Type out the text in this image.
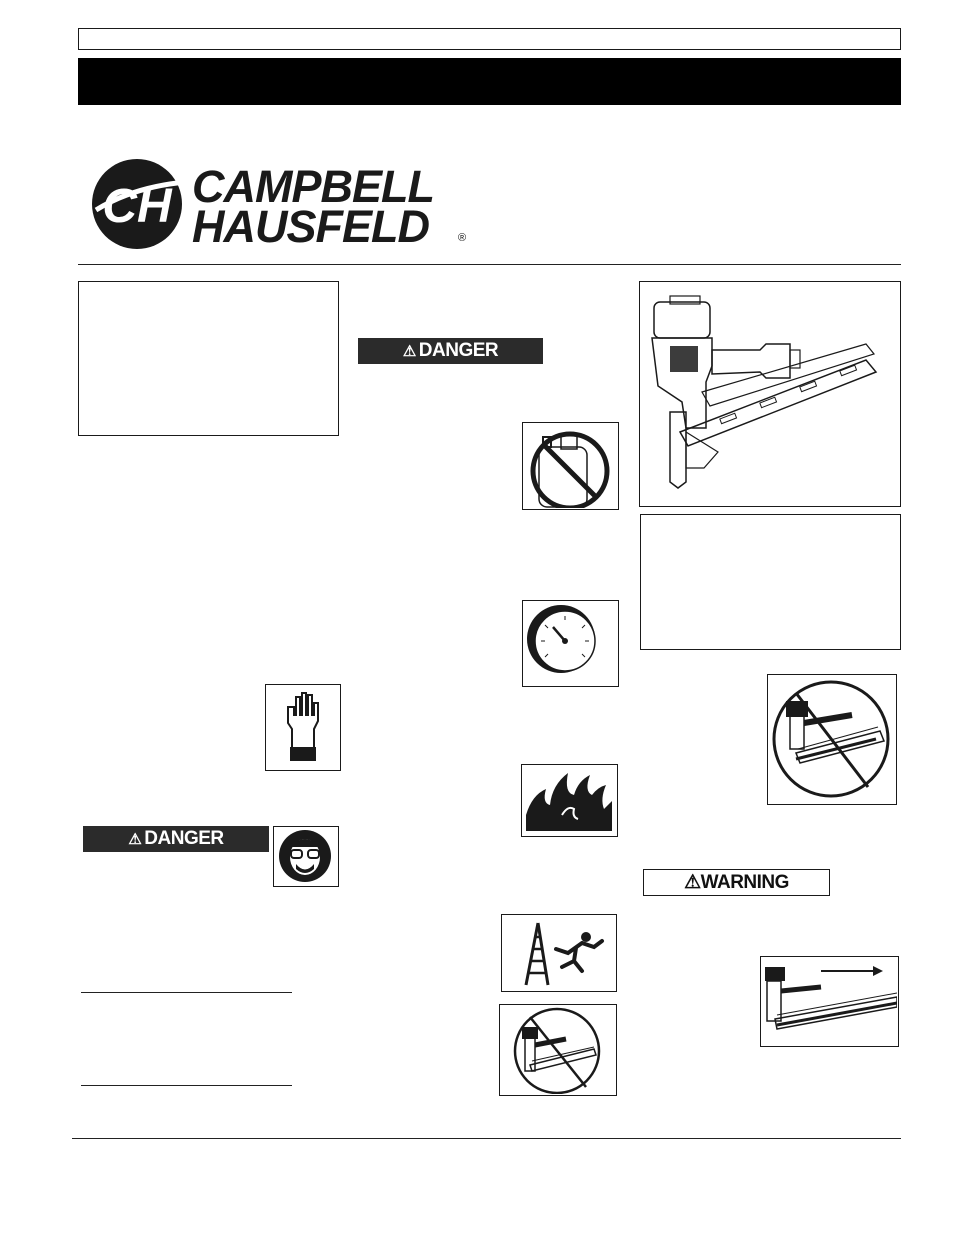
CH CAMPBELL
HAUSFELD	®
⚠ DANGER
⚠ DANGER
⚠ WARNING
